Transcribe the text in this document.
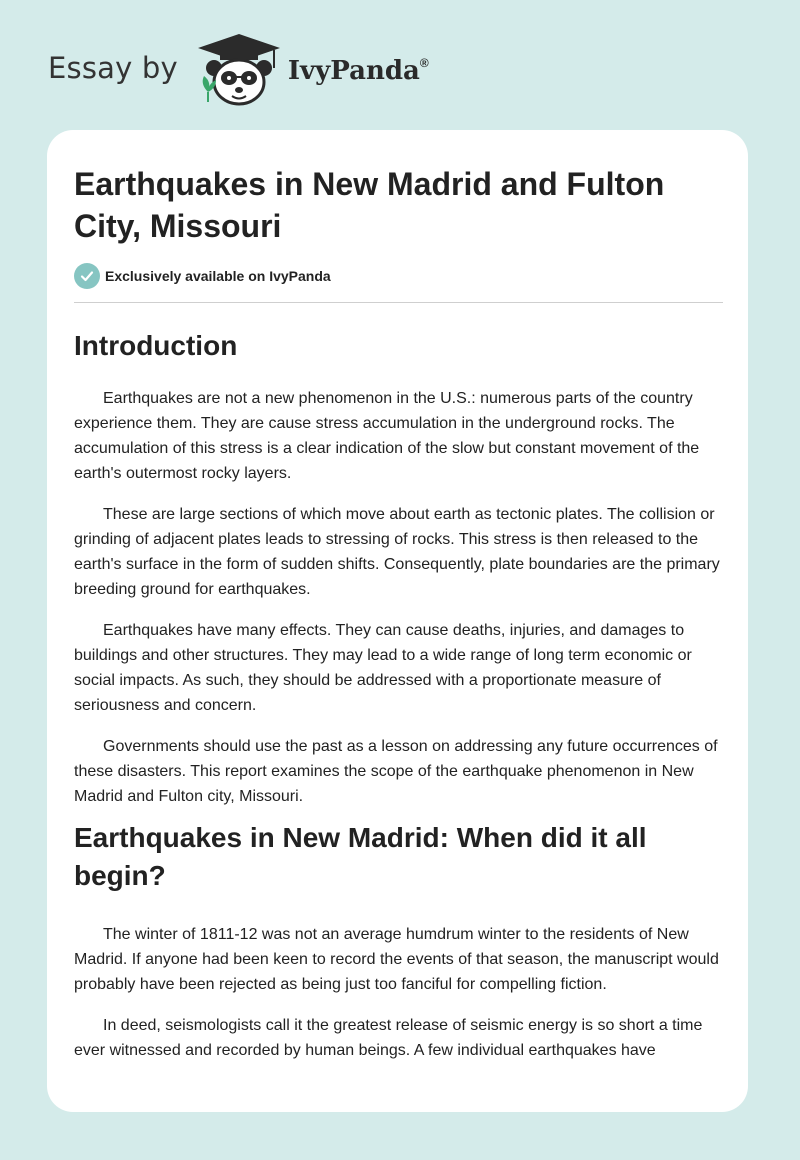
Essay by	IvyPanda®
Earthquakes in New Madrid and Fulton City, Missouri
Exclusively available on IvyPanda
Introduction

Earthquakes are not a new phenomenon in the U.S.: numerous parts of the country experience them. They are cause stress accumulation in the underground rocks. The accumulation of this stress is a clear indication of the slow but constant movement of the earth's outermost rocky layers.

These are large sections of which move about earth as tectonic plates. The collision or grinding of adjacent plates leads to stressing of rocks. This stress is then released to the earth's surface in the form of sudden shifts. Consequently, plate boundaries are the primary breeding ground for earthquakes.

Earthquakes have many effects. They can cause deaths, injuries, and damages to buildings and other structures. They may lead to a wide range of long term economic or social impacts. As such, they should be addressed with a proportionate measure of seriousness and concern.

Governments should use the past as a lesson on addressing any future occurrences of these disasters. This report examines the scope of the earthquake phenomenon in New Madrid and Fulton city, Missouri.

Earthquakes in New Madrid: When did it all begin?

The winter of 1811-12 was not an average humdrum winter to the residents of New Madrid. If anyone had been keen to record the events of that season, the manuscript would probably have been rejected as being just too fanciful for compelling fiction.

In deed, seismologists call it the greatest release of seismic energy is so short a time ever witnessed and recorded by human beings. A few individual earthquakes have
